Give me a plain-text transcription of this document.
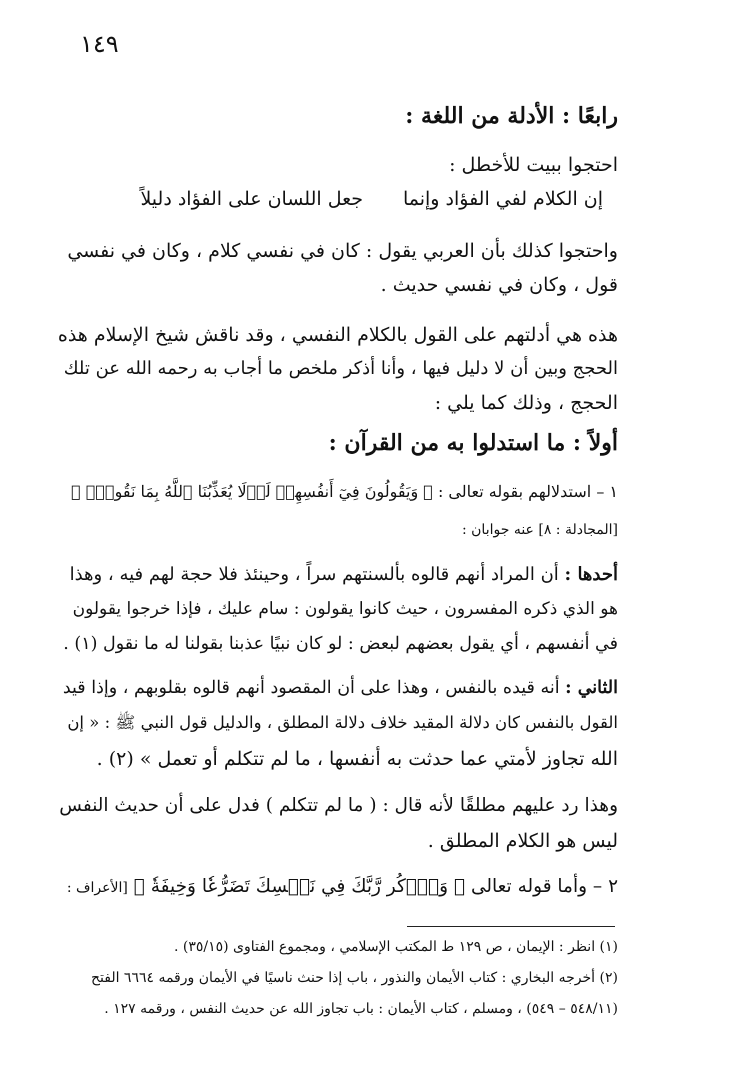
١٤٩
رابعًا : الأدلة من اللغة :
احتجوا ببيت للأخطل :
إن الكلام لفي الفؤاد وإنما
جعل اللسان على الفؤاد دليلاً
واحتجوا كذلك بأن العربي يقول : كان في نفسي كلام ، وكان في نفسي
قول ، وكان في نفسي حديث .
هذه هي أدلتهم على القول بالكلام النفسي ، وقد ناقش شيخ الإسلام هذه
الحجج وبين أن لا دليل فيها ، وأنا أذكر ملخص ما أجاب به رحمه الله عن تلك
الحجج ، وذلك كما يلي :
أولاً : ما استدلوا به من القرآن :
١ – استدلالهم بقوله تعالى : ﴿ وَيَقُولُونَ فِيٓ أَنفُسِهِمۡ لَوۡلَا يُعَذِّبُنَا ٱللَّهُ بِمَا نَقُولُۚ ﴾
[المجادلة : ٨] عنه جوابان :
أحدها : أن المراد أنهم قالوه بألسنتهم سراً ، وحينئذ فلا حجة لهم فيه ، وهذا
هو الذي ذكره المفسرون ، حيث كانوا يقولون : سام عليك ، فإذا خرجوا يقولون
في أنفسهم ، أي يقول بعضهم لبعض : لو كان نبيًا عذبنا بقولنا له ما نقول (١) .
الثاني : أنه قيده بالنفس ، وهذا على أن المقصود أنهم قالوه بقلوبهم ، وإذا قيد
القول بالنفس كان دلالة المقيد خلاف دلالة المطلق ، والدليل قول النبي ﷺ : « إن
الله تجاوز لأمتي عما حدثت به أنفسها ، ما لم تتكلم أو تعمل » (٢) .
وهذا رد عليهم مطلقًا لأنه قال : ( ما لم تتكلم ) فدل على أن حديث النفس
ليس هو الكلام المطلق .
٢ – وأما قوله تعالى ﴿ وَٱذۡكُر رَّبَّكَ فِي نَفۡسِكَ تَضَرُّعٗا وَخِيفَةٗ ﴾ [الأعراف :
(١) انظر : الإيمان ، ص ١٢٩ ط المكتب الإسلامي ، ومجموع الفتاوى (٣٥/١٥) .
(٢) أخرجه البخاري : كتاب الأيمان والنذور ، باب إذا حنث ناسيًا في الأيمان ورقمه ٦٦٦٤ الفتح
(٥٤٨/١١ – ٥٤٩) ، ومسلم ، كتاب الأيمان : باب تجاوز الله عن حديث النفس ، ورقمه ١٢٧ .
